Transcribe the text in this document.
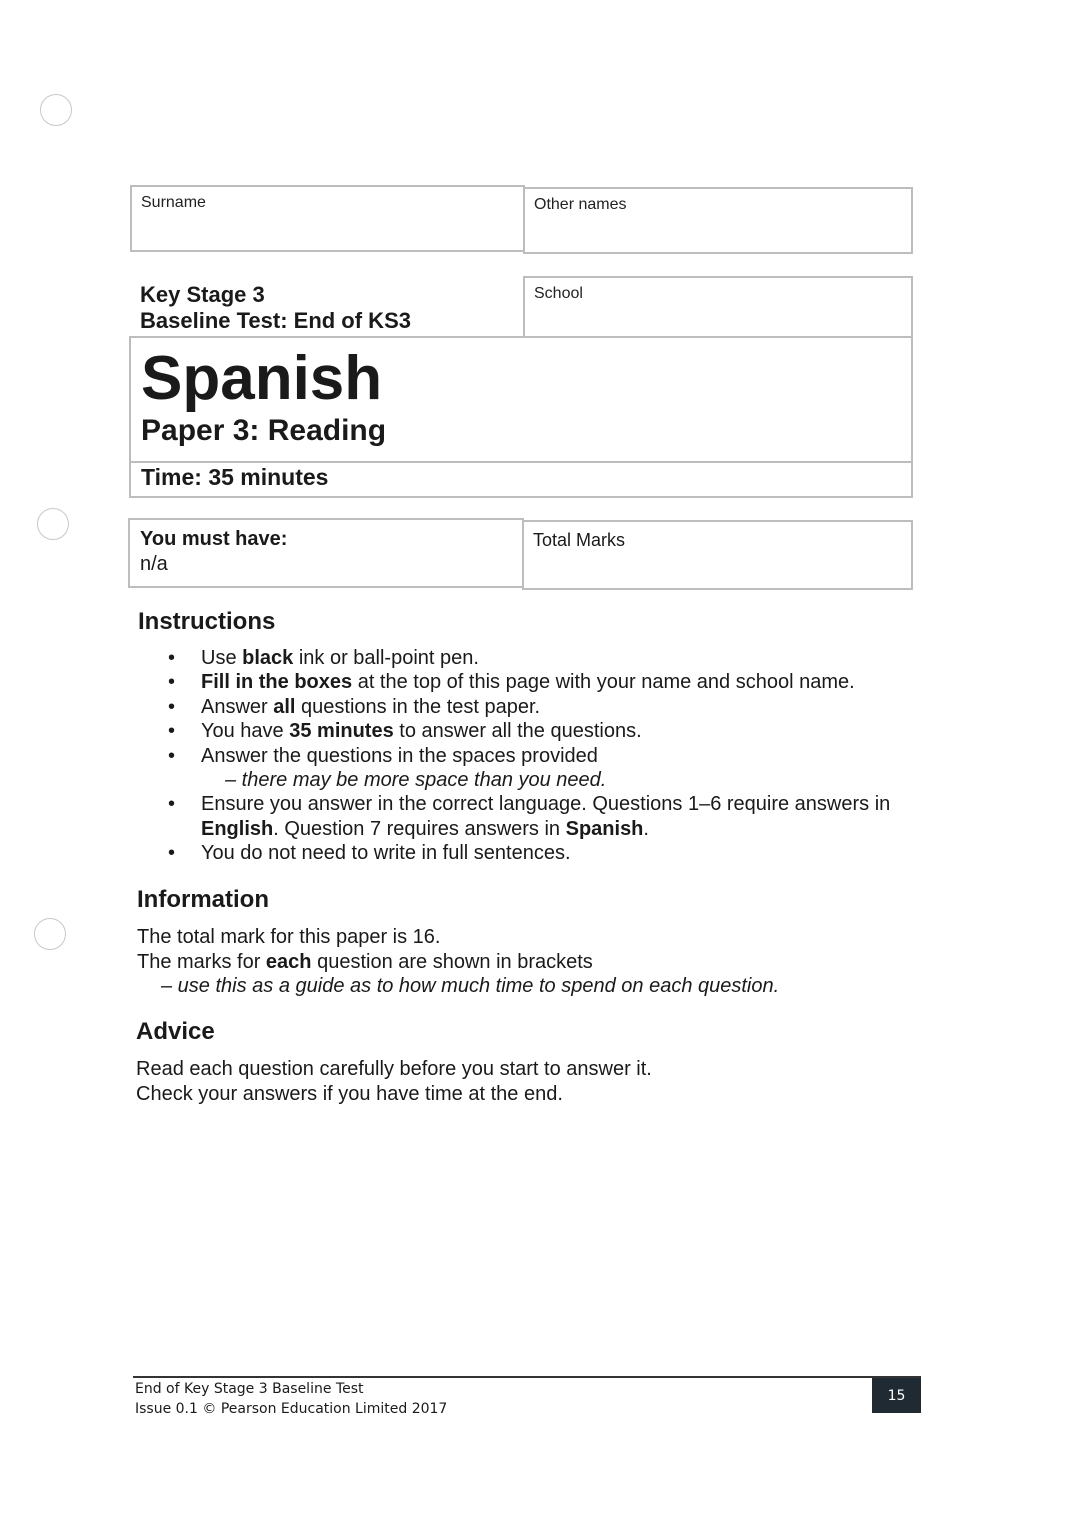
Surname	Other names
Key Stage 3
Baseline Test: End of KS3
School
Spanish
Paper 3: Reading
Time: 35 minutes
You must have:
n/a
Total Marks
Instructions
• Use black ink or ball-point pen.
• Fill in the boxes at the top of this page with your name and school name.
• Answer all questions in the test paper.
• You have 35 minutes to answer all the questions.
• Answer the questions in the spaces provided
– there may be more space than you need.
• Ensure you answer in the correct language. Questions 1–6 require answers in English. Question 7 requires answers in Spanish.
• You do not need to write in full sentences.
Information
The total mark for this paper is 16.
The marks for each question are shown in brackets
– use this as a guide as to how much time to spend on each question.
Advice
Read each question carefully before you start to answer it.
Check your answers if you have time at the end.
End of Key Stage 3 Baseline Test
Issue 0.1 © Pearson Education Limited 2017
15
